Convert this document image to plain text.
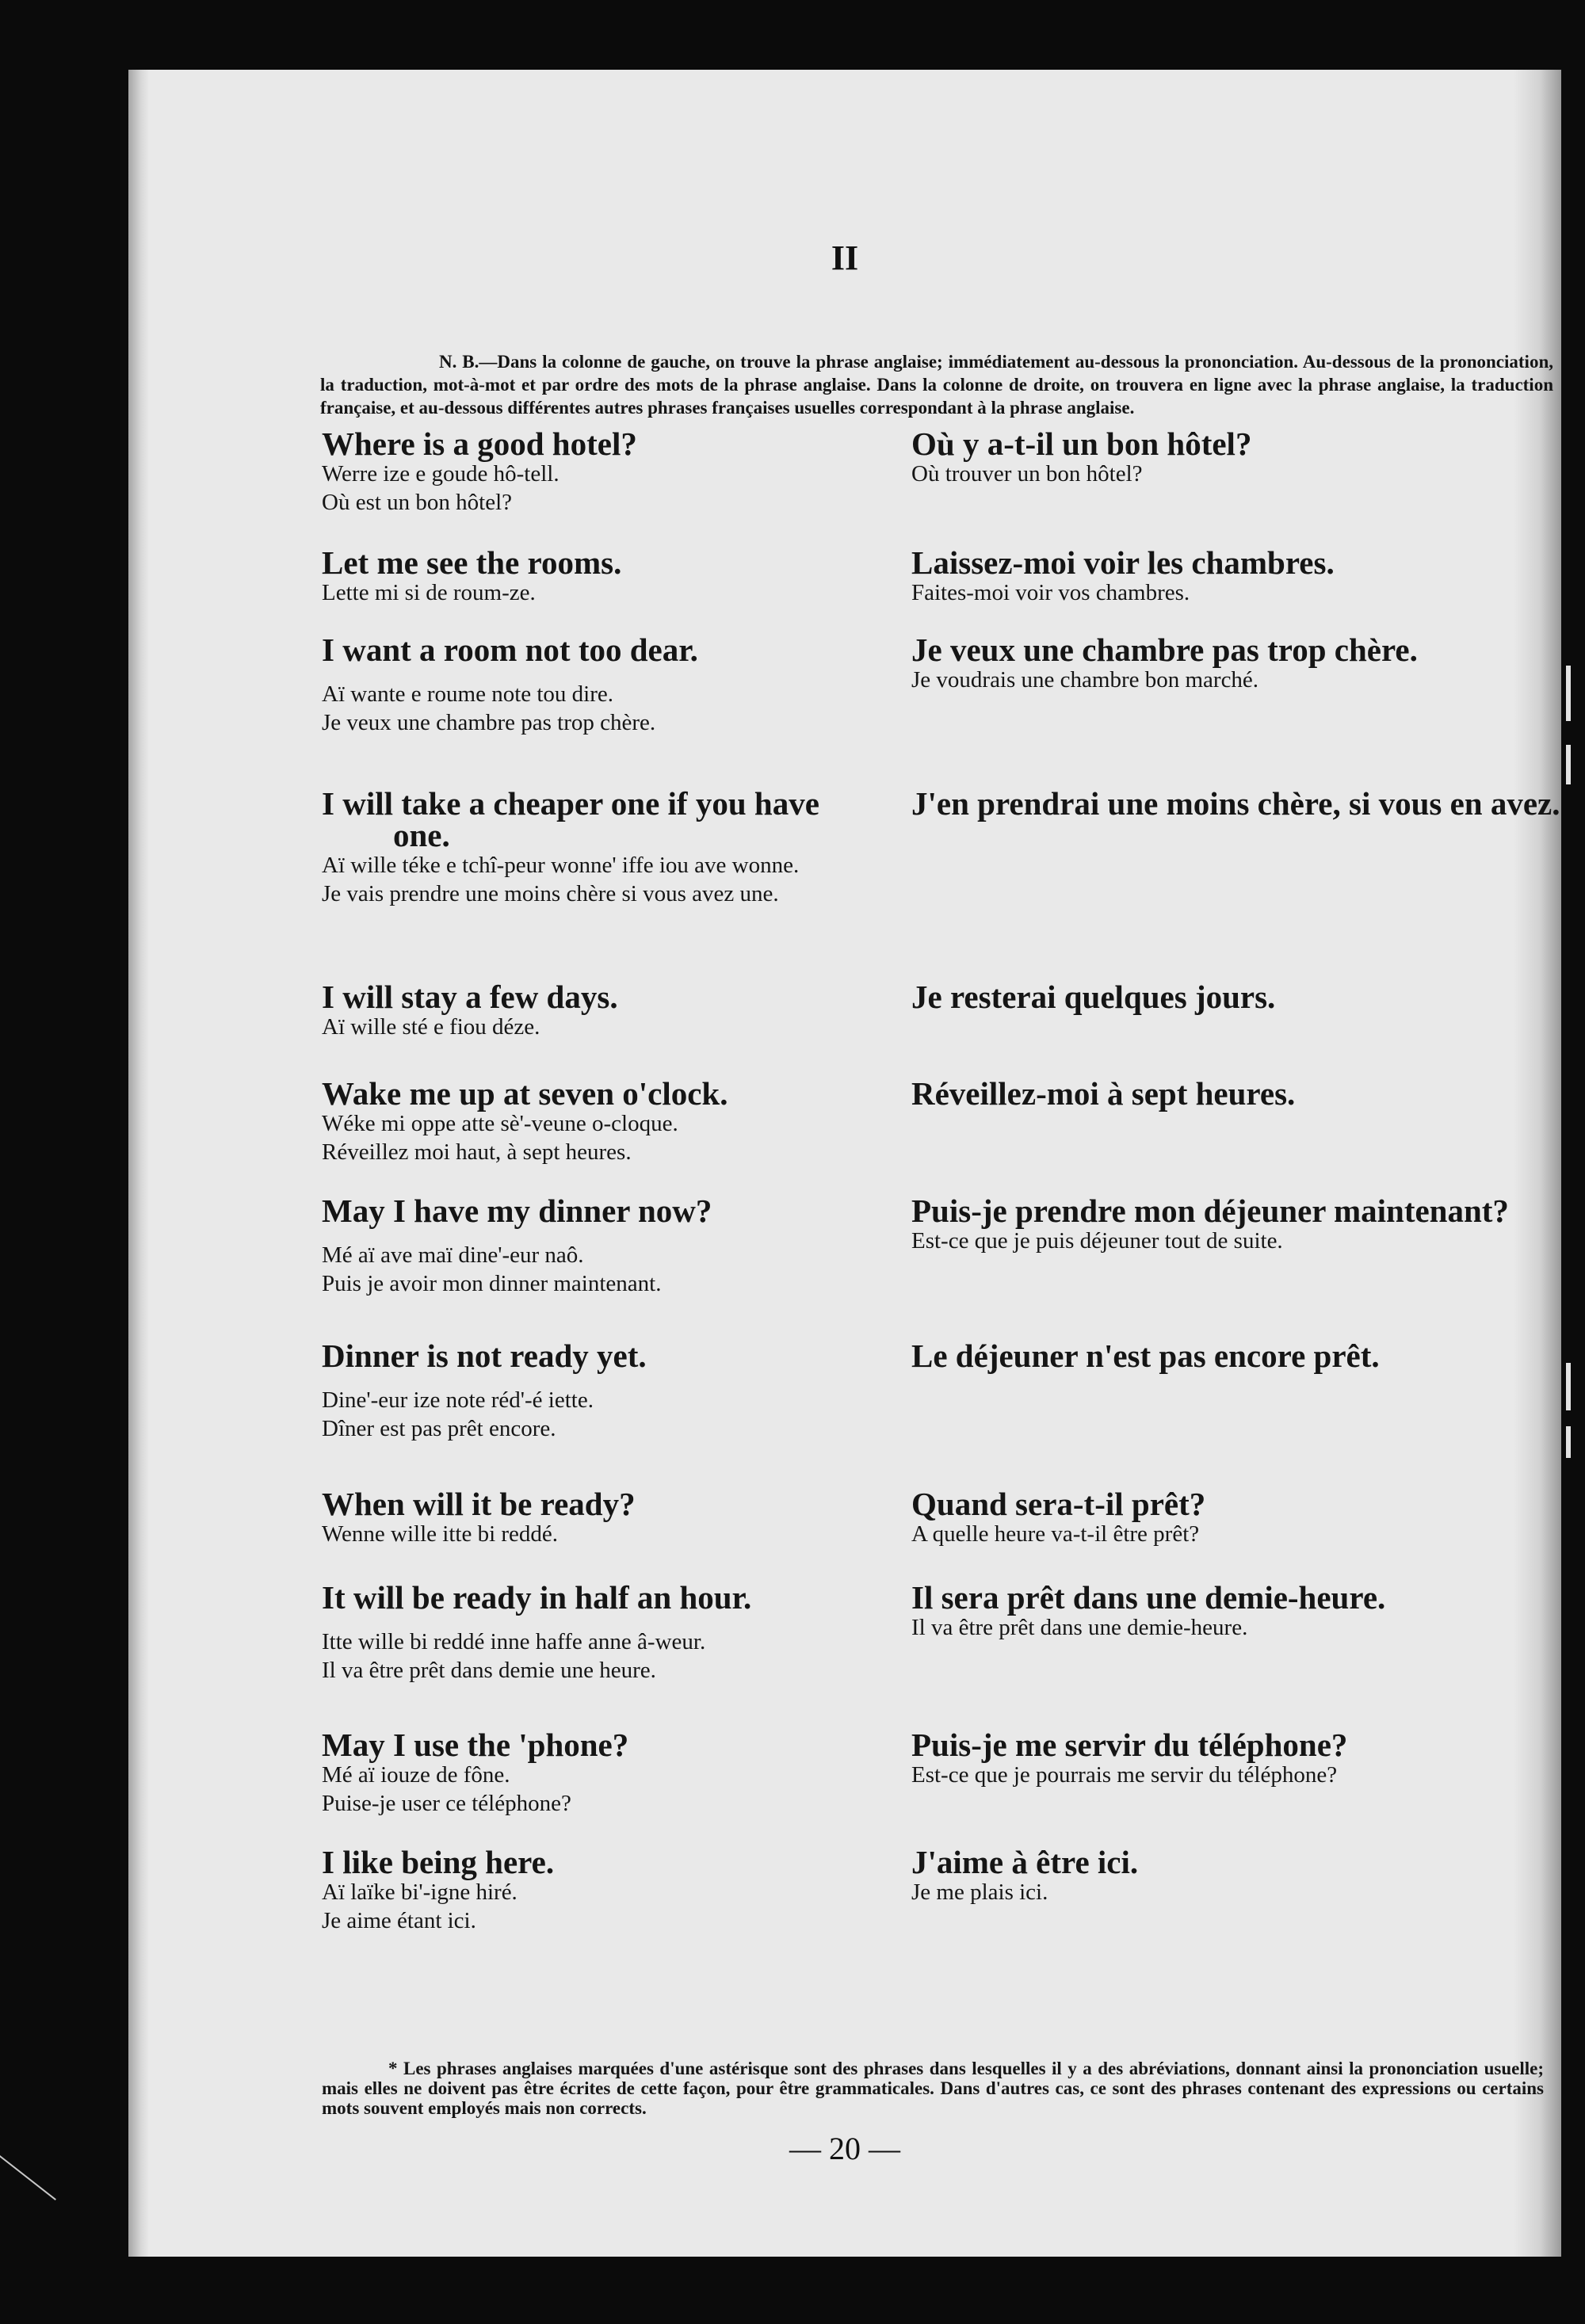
II
N. B.—Dans la colonne de gauche, on trouve la phrase anglaise; immédiatement au-dessous la prononciation. Au-dessous de la prononciation, la traduction, mot-à-mot et par ordre des mots de la phrase anglaise. Dans la colonne de droite, on trouvera en ligne avec la phrase anglaise, la traduction française, et au-dessous différentes autres phrases françaises usuelles correspondant à la phrase anglaise.
Where is a good hotel?
Werre ize e goude hô-tell.
Où est un bon hôtel?
Let me see the rooms.
Lette mi si de roum-ze.
I want a room not too dear.
Aï wante e roume note tou dire.
Je veux une chambre pas trop chère.
I will take a cheaper one if you have one.
Aï wille téke e tchî-peur wonne' iffe iou ave wonne.
Je vais prendre une moins chère si vous avez une.
I will stay a few days.
Aï wille sté e fiou déze.
Wake me up at seven o'clock.
Wéke mi oppe atte sè'-veune o-cloque.
Réveillez moi haut, à sept heures.
May I have my dinner now?
Mé aï ave maï dine'-eur naô.
Puis je avoir mon dinner maintenant.
Dinner is not ready yet.
Dine'-eur ize note réd'-é iette.
Dîner est pas prêt encore.
When will it be ready?
Wenne wille itte bi reddé.
It will be ready in half an hour.
Itte wille bi reddé inne haffe anne â-weur.
Il va être prêt dans demie une heure.
May I use the 'phone?
Mé aï iouze de fône.
Puise-je user ce téléphone?
I like being here.
Aï laïke bi'-igne hiré.
Je aime étant ici.
Où y a-t-il un bon hôtel?
Où trouver un bon hôtel?
Laissez-moi voir les chambres.
Faites-moi voir vos chambres.
Je veux une chambre pas trop chère.
Je voudrais une chambre bon marché.
J'en prendrai une moins chère, si vous en avez.
Je resterai quelques jours.
Réveillez-moi à sept heures.
Puis-je prendre mon déjeuner maintenant?
Est-ce que je puis déjeuner tout de suite.
Le déjeuner n'est pas encore prêt.
Quand sera-t-il prêt?
A quelle heure va-t-il être prêt?
Il sera prêt dans une demie-heure.
Il va être prêt dans une demie-heure.
Puis-je me servir du téléphone?
Est-ce que je pourrais me servir du téléphone?
J'aime à être ici.
Je me plais ici.
* Les phrases anglaises marquées d'une astérisque sont des phrases dans lesquelles il y a des abréviations, donnant ainsi la prononciation usuelle; mais elles ne doivent pas être écrites de cette façon, pour être grammaticales. Dans d'autres cas, ce sont des phrases contenant des expressions ou certains mots souvent employés mais non corrects.
— 20 —
